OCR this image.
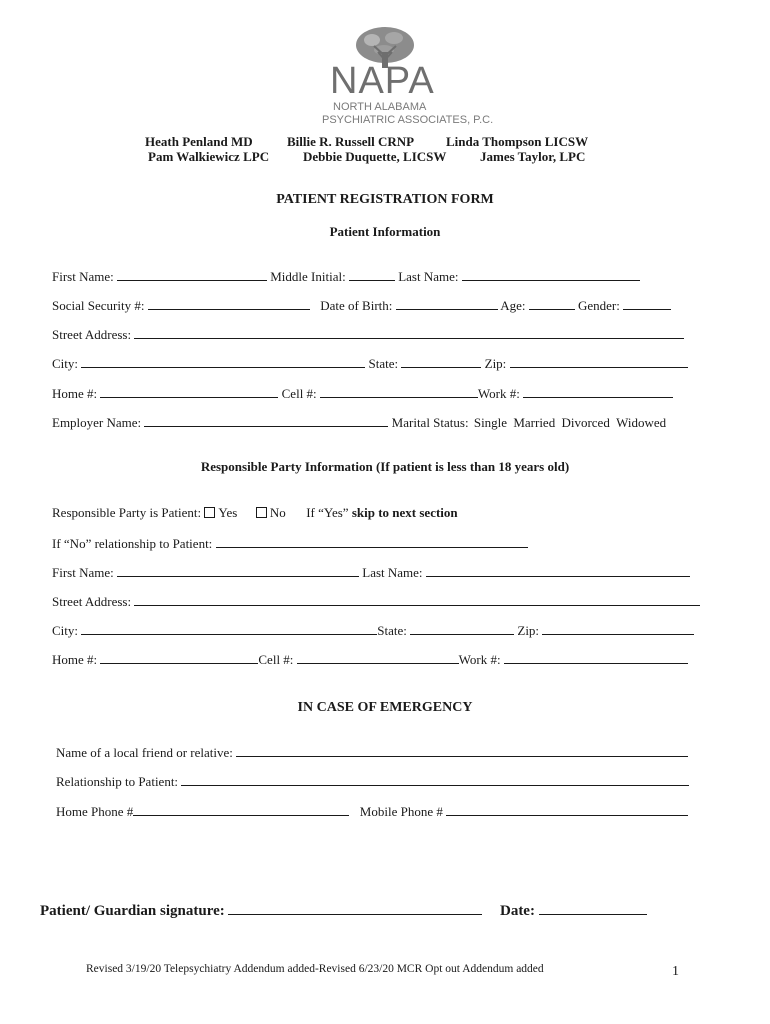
NAPA
NORTH ALABAMA
PSYCHIATRIC ASSOCIATES, P.C.
Heath Penland MD	Billie R. Russell CRNP Linda Thompson LICSW
Pam Walkiewicz LPC	Debbie Duquette, LICSW	James Taylor, LPC
PATIENT REGISTRATION FORM
Patient Information
First Name:	Middle Initial:	Last Name:
Social Security #:	Date of Birth:	Age:	Gender:
Street Address:
City:	State:	Zip:
Home #:	Cell #:	Work #:
Employer Name:	Marital Status: Single Married Divorced Widowed
Responsible Party Information (If patient is less than 18 years old)
Responsible Party is Patient: Yes	No If “Yes” skip to next section
If “No” relationship to Patient:
First Name:	Last Name:
Street Address:
City:	State:	Zip:
Home #:	Cell #:	Work #:
IN CASE OF EMERGENCY
Name of a local friend or relative:
Relationship to Patient:
Home Phone #	Mobile Phone #
Patient/ Guardian signature:	Date:
Revised 3/19/20 Telepsychiatry Addendum added-Revised 6/23/20 MCR Opt out Addendum added	1
